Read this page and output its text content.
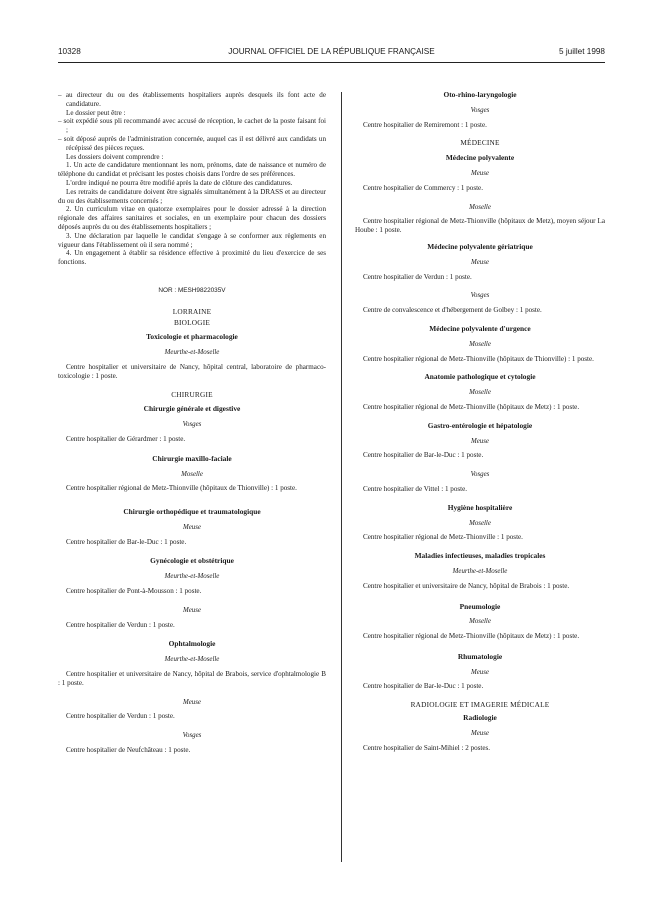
10328	JOURNAL OFFICIEL DE LA RÉPUBLIQUE FRANÇAISE	5 juillet 1998

– au directeur du ou des établissements hospitaliers auprès desquels ils font acte de candidature.

Le dossier peut être :

– soit expédié sous pli recommandé avec accusé de réception, le cachet de la poste faisant foi ;

– soit déposé auprès de l'administration concernée, auquel cas il est délivré aux candidats un récépissé des pièces reçues.

Les dossiers doivent comprendre :

1. Un acte de candidature mentionnant les nom, prénoms, date de naissance et numéro de téléphone du candidat et précisant les postes choisis dans l'ordre de ses préférences.

L'ordre indiqué ne pourra être modifié après la date de clôture des candidatures.

Les retraits de candidature doivent être signalés simultanément à la DRASS et au directeur du ou des établissements concernés ;

2. Un curriculum vitae en quatorze exemplaires pour le dossier adressé à la direction régionale des affaires sanitaires et sociales, en un exemplaire pour chacun des dossiers déposés auprès du ou des établissements hospitaliers ;

3. Une déclaration par laquelle le candidat s'engage à se conformer aux règlements en vigueur dans l'établissement où il sera nommé ;

4. Un engagement à établir sa résidence effective à proximité du lieu d'exercice de ses fonctions.

NOR : MESH9822035V

LORRAINE

BIOLOGIE

Toxicologie et pharmacologie

Meurthe-et-Moselle

Centre hospitalier et universitaire de Nancy, hôpital central, laboratoire de pharmaco-toxicologie : 1 poste.

CHIRURGIE

Chirurgie générale et digestive

Vosges

Centre hospitalier de Gérardmer : 1 poste.

Chirurgie maxillo-faciale

Moselle

Centre hospitalier régional de Metz-Thionville (hôpitaux de Thionville) : 1 poste.

Chirurgie orthopédique et traumatologique

Meuse

Centre hospitalier de Bar-le-Duc : 1 poste.

Gynécologie et obstétrique

Meurthe-et-Moselle

Centre hospitalier de Pont-à-Mousson : 1 poste.

Meuse

Centre hospitalier de Verdun : 1 poste.

Ophtalmologie

Meurthe-et-Moselle

Centre hospitalier et universitaire de Nancy, hôpital de Brabois, service d'ophtalmologie B : 1 poste.

Meuse

Centre hospitalier de Verdun : 1 poste.

Vosges

Centre hospitalier de Neufchâteau : 1 poste.

Oto-rhino-laryngologie

Vosges

Centre hospitalier de Remiremont : 1 poste.

MÉDECINE

Médecine polyvalente

Meuse

Centre hospitalier de Commercy : 1 poste.

Moselle

Centre hospitalier régional de Metz-Thionville (hôpitaux de Metz), moyen séjour La Hoube : 1 poste.

Médecine polyvalente gériatrique

Meuse

Centre hospitalier de Verdun : 1 poste.

Vosges

Centre de convalescence et d'hébergement de Golbey : 1 poste.

Médecine polyvalente d'urgence

Moselle

Centre hospitalier régional de Metz-Thionville (hôpitaux de Thionville) : 1 poste.

Anatomie pathologique et cytologie

Moselle

Centre hospitalier régional de Metz-Thionville (hôpitaux de Metz) : 1 poste.

Gastro-entérologie et hépatologie

Meuse

Centre hospitalier de Bar-le-Duc : 1 poste.

Vosges

Centre hospitalier de Vittel : 1 poste.

Hygiène hospitalière

Moselle

Centre hospitalier régional de Metz-Thionville : 1 poste.

Maladies infectieuses, maladies tropicales

Meurthe-et-Moselle

Centre hospitalier et universitaire de Nancy, hôpital de Brabois : 1 poste.

Pneumologie

Moselle

Centre hospitalier régional de Metz-Thionville (hôpitaux de Metz) : 1 poste.

Rhumatologie

Meuse

Centre hospitalier de Bar-le-Duc : 1 poste.

RADIOLOGIE ET IMAGERIE MÉDICALE

Radiologie

Meuse

Centre hospitalier de Saint-Mihiel : 2 postes.
